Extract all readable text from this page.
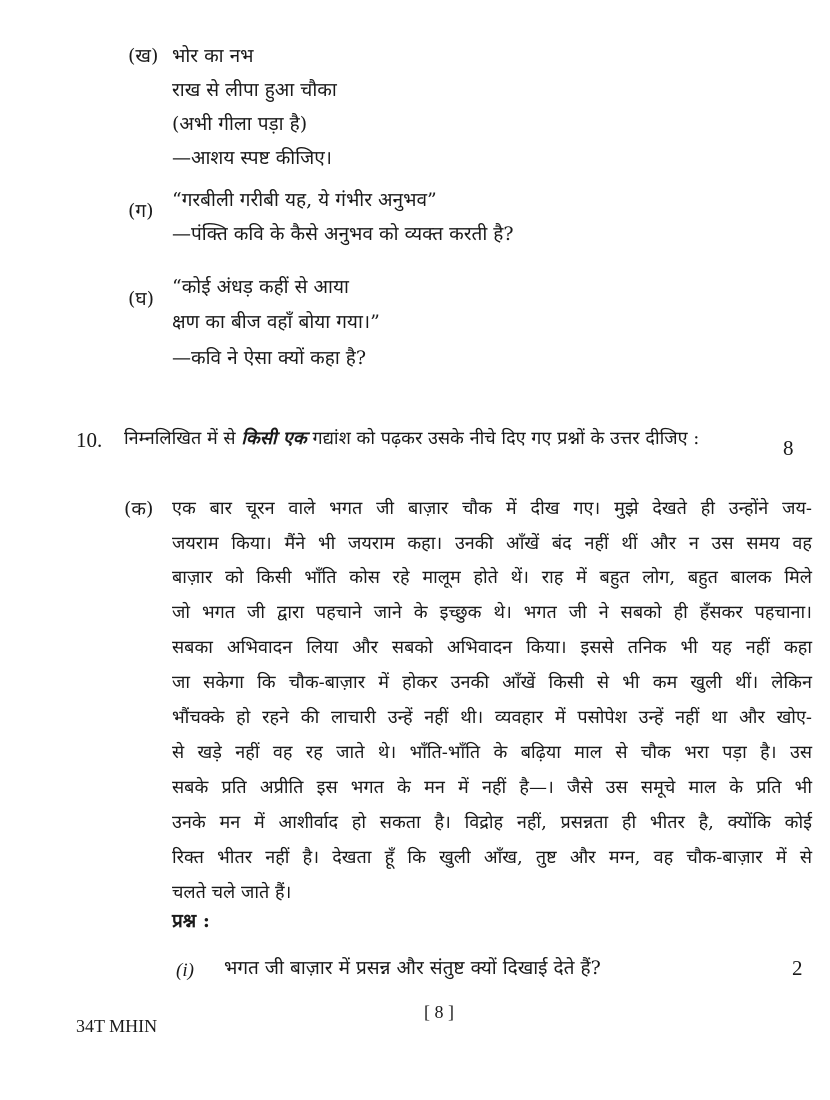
(ख) भोर का नभ
राख से लीपा हुआ चौका
(अभी गीला पड़ा है)
—आशय स्पष्ट कीजिए।
(ग) “गरबीली गरीबी यह, ये गंभीर अनुभव”
—पंक्ति कवि के कैसे अनुभव को व्यक्त करती है?
(घ)
“कोई अंधड़ कहीं से आया
क्षण का बीज वहाँ बोया गया।”
—कवि ने ऐसा क्यों कहा है?
10. निम्नलिखित में से किसी एक गद्यांश को पढ़कर उसके नीचे दिए गए प्रश्नों के उत्तर दीजिए :	8
(क) एक बार चूरन वाले भगत जी बाज़ार चौक में दीख गए। मुझे देखते ही उन्होंने जय-
जयराम किया। मैंने भी जयराम कहा। उनकी आँखें बंद नहीं थीं और न उस समय वह
बाज़ार को किसी भाँति कोस रहे मालूम होते थें। राह में बहुत लोग, बहुत बालक मिले
जो भगत जी द्वारा पहचाने जाने के इच्छुक थे। भगत जी ने सबको ही हँसकर पहचाना।
सबका अभिवादन लिया और सबको अभिवादन किया। इससे तनिक भी यह नहीं कहा
जा सकेगा कि चौक-बाज़ार में होकर उनकी आँखें किसी से भी कम खुली थीं। लेकिन
भौंचक्के हो रहने की लाचारी उन्हें नहीं थी। व्यवहार में पसोपेश उन्हें नहीं था और खोए-
से खड़े नहीं वह रह जाते थे। भाँति-भाँति के बढ़िया माल से चौक भरा पड़ा है। उस
सबके प्रति अप्रीति इस भगत के मन में नहीं है—। जैसे उस समूचे माल के प्रति भी
उनके मन में आशीर्वाद हो सकता है। विद्रोह नहीं, प्रसन्नता ही भीतर है, क्योंकि कोई
रिक्त भीतर नहीं है। देखता हूँ कि खुली आँख, तुष्ट और मग्न, वह चौक-बाज़ार में से
चलते चले जाते हैं।
प्रश्न :
(i) भगत जी बाज़ार में प्रसन्न और संतुष्ट क्यों दिखाई देते हैं?	2
34T MHIN
[ 8 ]
